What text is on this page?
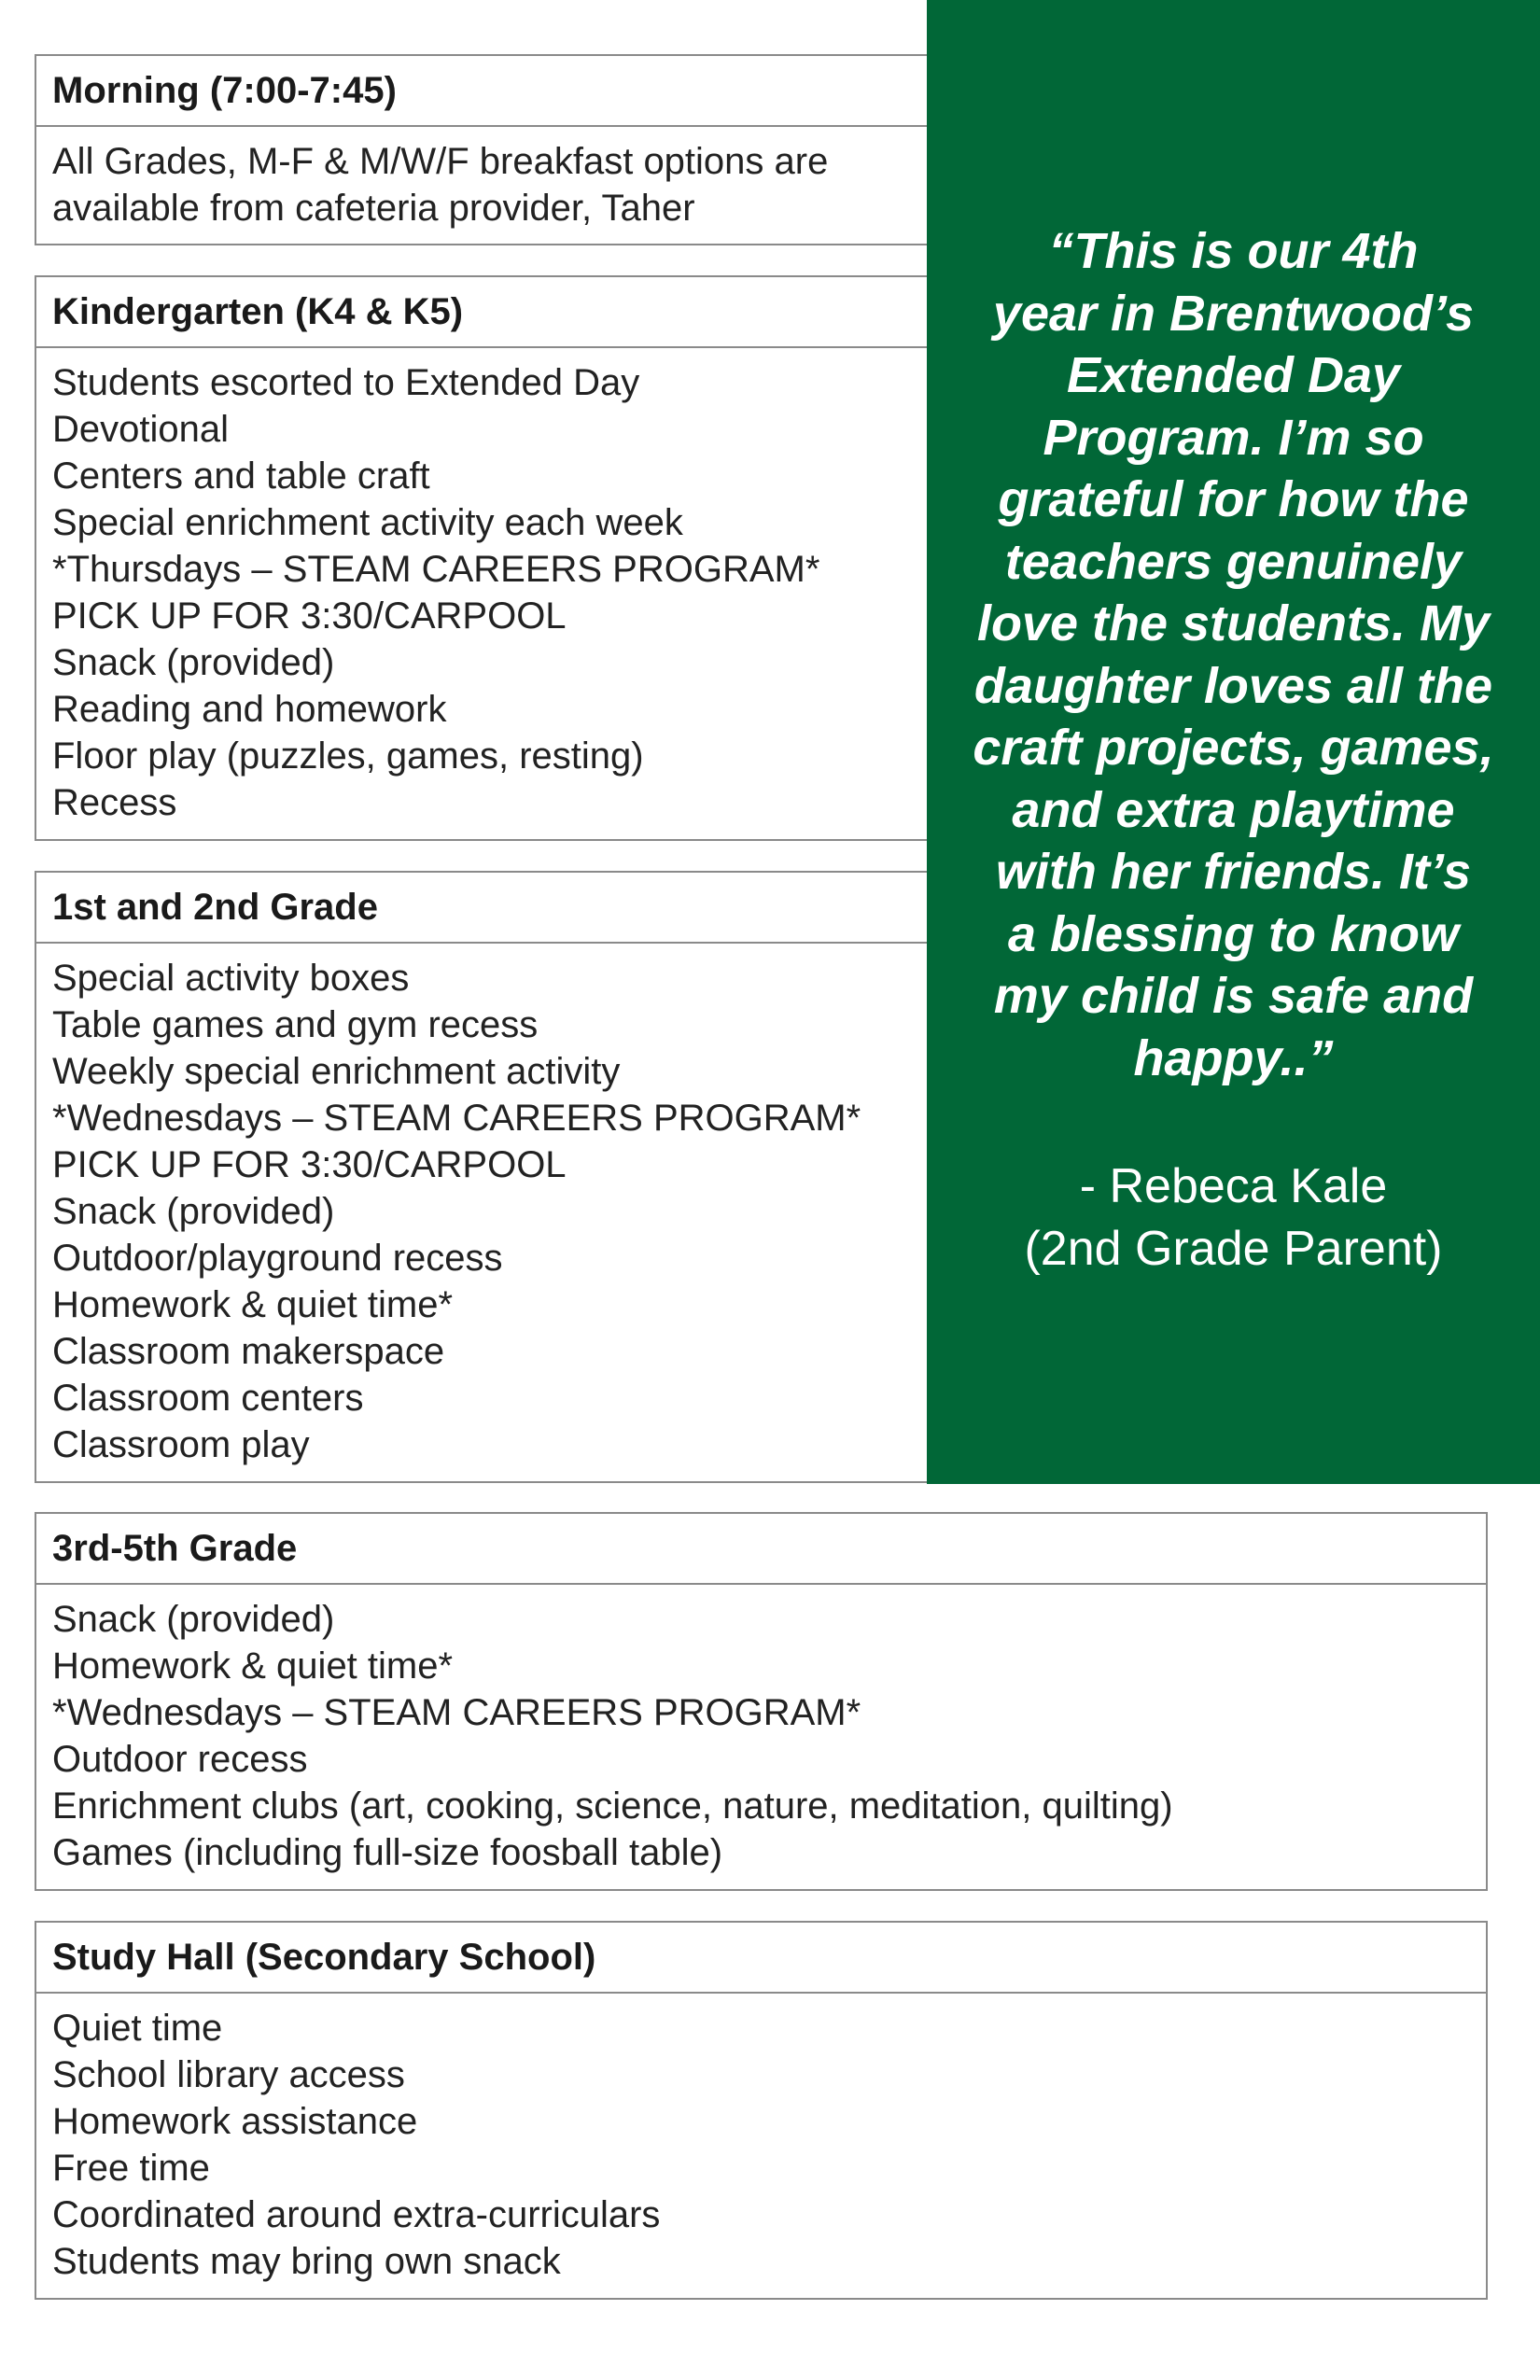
Morning (7:00-7:45)
All Grades, M-F & M/W/F breakfast options are
available from cafeteria provider, Taher
Kindergarten (K4 & K5)
Students escorted to Extended Day
Devotional
Centers and table craft
Special enrichment activity each week
*Thursdays – STEAM CAREERS PROGRAM*
PICK UP FOR 3:30/CARPOOL
Snack (provided)
Reading and homework
Floor play (puzzles, games, resting)
Recess
1st and 2nd Grade
Special activity boxes
Table games and gym recess
Weekly special enrichment activity
*Wednesdays – STEAM CAREERS PROGRAM*
PICK UP FOR 3:30/CARPOOL
Snack (provided)
Outdoor/playground recess
Homework & quiet time*
Classroom makerspace
Classroom centers
Classroom play
“This is our 4th
year in Brentwood’s
Extended Day
Program. I’m so
grateful for how the
teachers genuinely
love the students. My
daughter loves all the
craft projects, games,
and extra playtime
with her friends. It’s
a blessing to know
my child is safe and
happy..”
- Rebeca Kale
(2nd Grade Parent)
3rd-5th Grade
Snack (provided)
Homework & quiet time*
*Wednesdays – STEAM CAREERS PROGRAM*
Outdoor recess
Enrichment clubs (art, cooking, science, nature, meditation, quilting)
Games (including full-size foosball table)
Study Hall (Secondary School)
Quiet time
School library access
Homework assistance
Free time
Coordinated around extra-curriculars
Students may bring own snack
